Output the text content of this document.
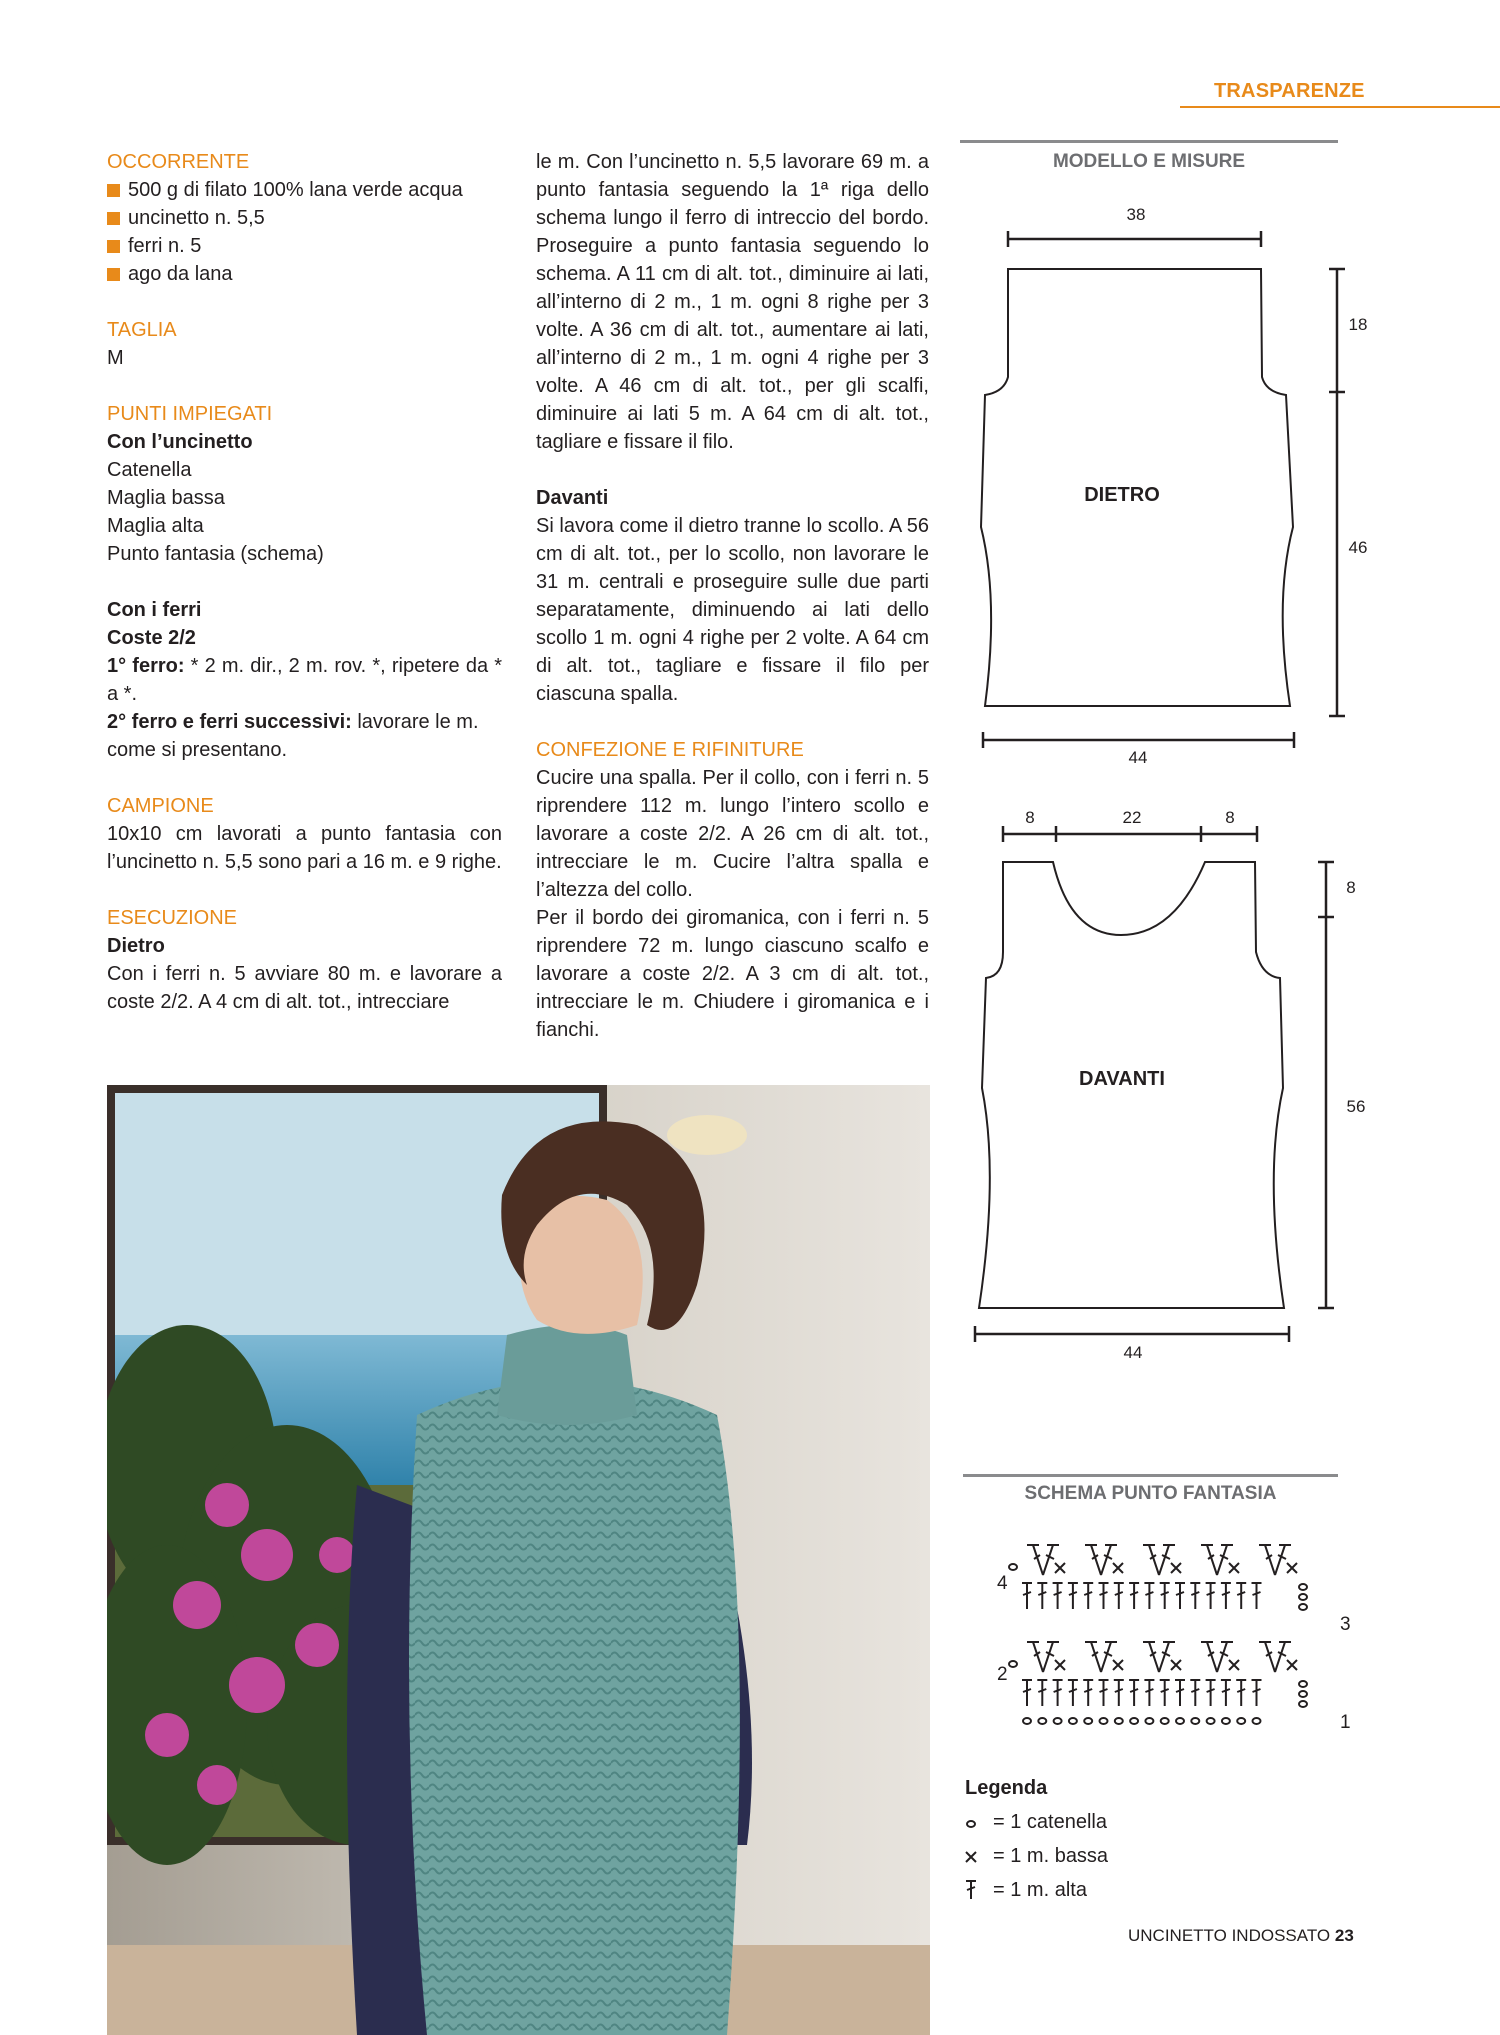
TRASPARENZE

OCCORRENTE

500 g di filato 100% lana verde acqua
uncinetto n. 5,5
ferri n. 5
ago da lana

TAGLIA

M

PUNTI IMPIEGATI

Con l’uncinetto

Catenella

Maglia bassa

Maglia alta

Punto fantasia (schema)

Con i ferri

Coste 2/2

1° ferro: * 2 m. dir., 2 m. rov. *, ripetere da * a *.

2° ferro e ferri successivi: lavorare le m. come si presentano.

CAMPIONE

10x10 cm lavorati a punto fantasia con l’uncinetto n. 5,5 sono pari a 16 m. e 9 righe.

ESECUZIONE

Dietro

Con i ferri n. 5 avviare 80 m. e lavorare a coste 2/2. A 4 cm di alt. tot., intrecciare

le m. Con l’uncinetto n. 5,5 lavorare 69 m. a punto fantasia seguendo la 1ª riga dello schema lungo il ferro di intreccio del bordo. Proseguire a punto fantasia seguendo lo schema. A 11 cm di alt. tot., diminuire ai lati, all’interno di 2 m., 1 m. ogni 8 righe per 3 volte. A 36 cm di alt. tot., aumentare ai lati, all’interno di 2 m., 1 m. ogni 4 righe per 3 volte. A 46 cm di alt. tot., per gli scalfi, diminuire ai lati 5 m. A 64 cm di alt. tot., tagliare e fissare il filo.

Davanti

Si lavora come il dietro tranne lo scollo. A 56 cm di alt. tot., per lo scollo, non lavorare le 31 m. centrali e proseguire sulle due parti separatamente, diminuendo ai lati dello scollo 1 m. ogni 4 righe per 2 volte. A 64 cm di alt. tot., tagliare e fissare il filo per ciascuna spalla.

CONFEZIONE E RIFINITURE

Cucire una spalla. Per il collo, con i ferri n. 5 riprendere 112 m. lungo l’intero scollo e lavorare a coste 2/2. A 26 cm di alt. tot., intrecciare le m. Cucire l’altra spalla e l’altezza del collo.

Per il bordo dei giromanica, con i ferri n. 5 riprendere 72 m. lungo ciascuno scalfo e lavorare a coste 2/2. A 3 cm di alt. tot., intrecciare le m. Chiudere i giromanica e i fianchi.

MODELLO E MISURE
38
18
46
44
8	22	8
8
56
44
DIETRO
DAVANTI
4
3
2
1
SCHEMA PUNTO FANTASIA
Legenda
= 1 catenella
= 1 m. bassa
= 1 m. alta
UNCINETTO INDOSSATO 23
